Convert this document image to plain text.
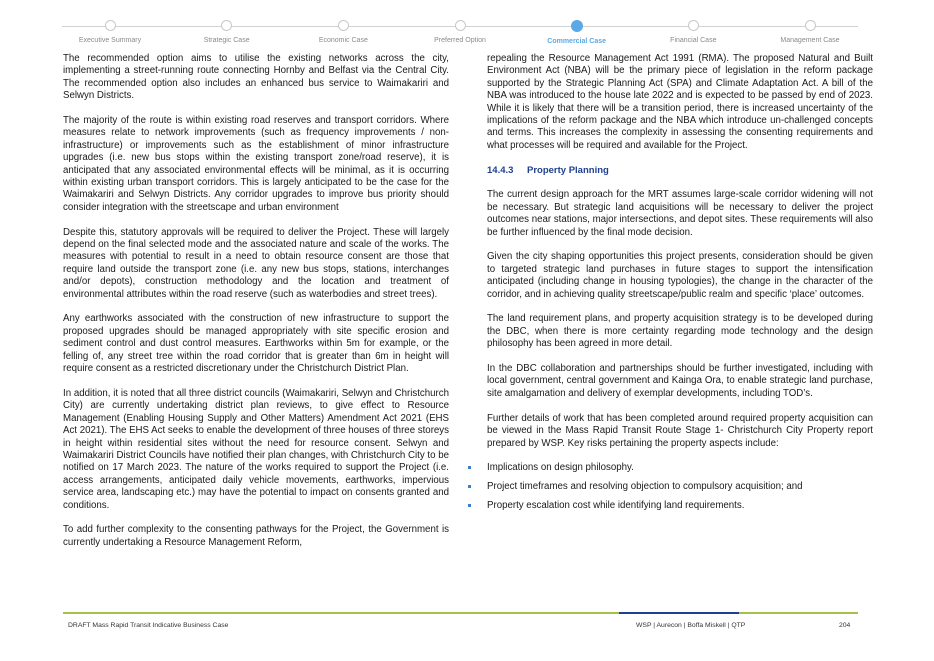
Executive Summary	Strategic Case	Economic Case	Preferred Option	Commercial Case	Financial Case	Management Case

The recommended option aims to utilise the existing networks across the city, implementing a street-running route connecting Hornby and Belfast via the Central City. The recommended option also includes an enhanced bus service to Waimakariri and Selwyn Districts.

The majority of the route is within existing road reserves and transport corridors. Where measures relate to network improvements (such as frequency improvements / non-infrastructure) or improvements such as the establishment of minor infrastructure upgrades (i.e. new bus stops within the existing transport zone/road reserve), it is anticipated that any associated environmental effects will be minimal, as it is occurring within existing urban transport corridors. This is largely anticipated to be the case for the Waimakariri and Selwyn Districts. Any corridor upgrades to improve bus priority should consider integration with the streetscape and urban environment

Despite this, statutory approvals will be required to deliver the Project. These will largely depend on the final selected mode and the associated nature and scale of the works. The measures with potential to result in a need to obtain resource consent are those that require land outside the transport zone (i.e. any new bus stops, stations, interchanges and/or depots), construction methodology and the location and treatment of environmental attributes within the road reserve (such as waterbodies and street trees).

Any earthworks associated with the construction of new infrastructure to support the proposed upgrades should be managed appropriately with site specific erosion and sediment control and dust control measures. Earthworks within 5m for example, or the felling of, any street tree within the road corridor that is greater than 6m in height will require consent as a restricted discretionary under the Christchurch District Plan.

In addition, it is noted that all three district councils (Waimakariri, Selwyn and Christchurch City) are currently undertaking district plan reviews, to give effect to Resource Management (Enabling Housing Supply and Other Matters) Amendment Act 2021 (EHS Act 2021). The EHS Act seeks to enable the development of three houses of three storeys in height within residential sites without the need for resource consent. Selwyn and Waimakariri District Councils have notified their plan changes, with Christchurch City to be notified on 17 March 2023. The nature of the works required to support the Project (i.e. access arrangements, anticipated daily vehicle movements, earthworks, impervious service area, landscaping etc.) may have the potential to impact on consents granted and conditions.

To add further complexity to the consenting pathways for the Project, the Government is currently undertaking a Resource Management Reform,

repealing the Resource Management Act 1991 (RMA). The proposed Natural and Built Environment Act (NBA) will be the primary piece of legislation in the reform package supported by the Strategic Planning Act (SPA) and Climate Adaptation Act. A bill of the NBA was introduced to the house late 2022 and is expected to be passed by end of 2023. While it is likely that there will be a transition period, there is increased uncertainty of the implications of the reform package and the NBA which introduce un-challenged concepts and terms. This increases the complexity in assessing the consenting requirements and what processes will be required and available for the Project.

14.4.3 Property Planning

The current design approach for the MRT assumes large-scale corridor widening will not be necessary. But strategic land acquisitions will be necessary to deliver the project outcomes near stations, major intersections, and depot sites. These requirements will also be further influenced by the final mode decision.

Given the city shaping opportunities this project presents, consideration should be given to targeted strategic land purchases in future stages to support the intensification anticipated (including change in housing typologies), the change in the character of the corridor, and in achieving quality streetscape/public realm and specific ‘place’ outcomes.

The land requirement plans, and property acquisition strategy is to be developed during the DBC, when there is more certainty regarding mode technology and the design philosophy has been agreed in more detail.

In the DBC collaboration and partnerships should be further investigated, including with local government, central government and Kainga Ora, to enable strategic land purchase, site amalgamation and delivery of exemplar developments, including TOD’s.

Further details of work that has been completed around required property acquisition can be viewed in the Mass Rapid Transit Route Stage 1- Christchurch City Property report prepared by WSP. Key risks pertaining the property aspects include:

Implications on design philosophy.
Project timeframes and resolving objection to compulsory acquisition; and
Property escalation cost while identifying land requirements.
DRAFT Mass Rapid Transit Indicative Business Case	WSP | Aurecon | Boffa Miskell | QTP	204
